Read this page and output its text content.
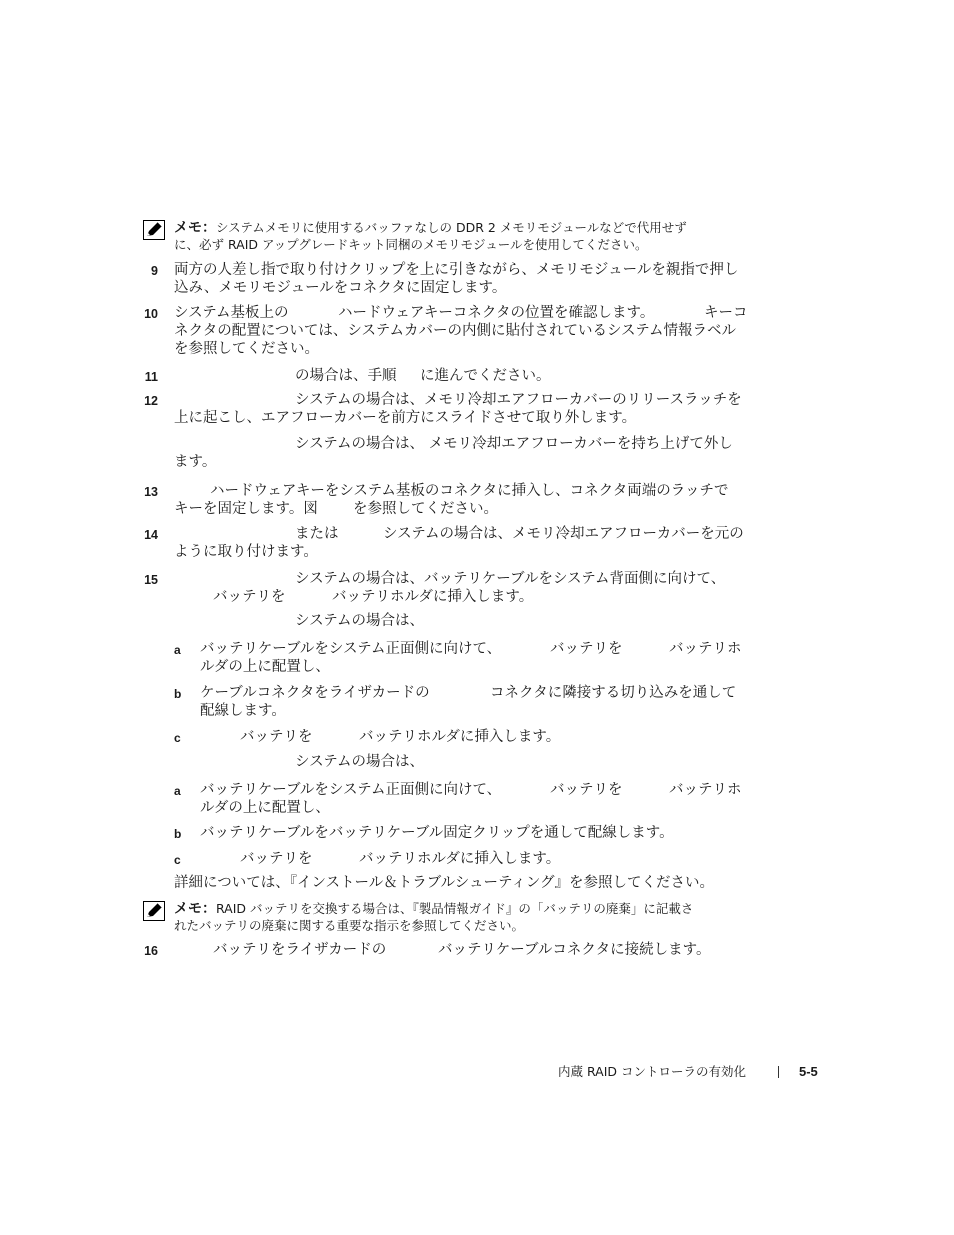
メモ：システムメモリに使用するバッファなしの DDR 2 メモリモジュールなどで代用せず
に、必ず RAID アップグレードキット同梱のメモリモジュールを使用してください。
9 両方の人差し指で取り付けクリップを上に引きながら、メモリモジュールを親指で押し
込み、メモリモジュールをコネクタに固定します。
10 システム基板上の	ハードウェアキーコネクタの位置を確認します。	キーコ
ネクタの配置については、システムカバーの内側に貼付されているシステム情報ラベル
を参照してください。
11	の場合は、手順 に進んでください。
12	システムの場合は、メモリ冷却エアフローカバーのリリースラッチを
上に起こし、エアフローカバーを前方にスライドさせて取り外します。
システムの場合は、 メモリ冷却エアフローカバーを持ち上げて外し
ます。
13	ハードウェアキーをシステム基板のコネクタに挿入し、コネクタ両端のラッチで
キーを固定します。図 を参照してください。
14	または	システムの場合は、メモリ冷却エアフローカバーを元の
ように取り付けます。
15	システムの場合は、バッテリケーブルをシステム背面側に向けて、
バッテリを	バッテリホルダに挿入します。
システムの場合は、
a バッテリケーブルをシステム正面側に向けて、	バッテリを	バッテリホ
ルダの上に配置し、
b ケーブルコネクタをライザカードの	コネクタに隣接する切り込みを通して
配線します。
c	バッテリを	バッテリホルダに挿入します。
a バッテリケーブルをシステム正面側に向けて、	バッテリを	バッテリホ
ルダの上に配置し、
b バッテリケーブルをバッテリケーブル固定クリップを通して配線します。
c	バッテリを	バッテリホルダに挿入します。
システムの場合は、
メモ：RAID バッテリを交換する場合は、『製品情報ガイド』の「バッテリの廃棄」に記載さ
れたバッテリの廃棄に関する重要な指示を参照してください。
16	バッテリをライザカードの	バッテリケーブルコネクタに接続します。
詳細については、『インストール＆トラブルシューティング』を参照してください。
内蔵 RAID コントローラの有効化	5-5
